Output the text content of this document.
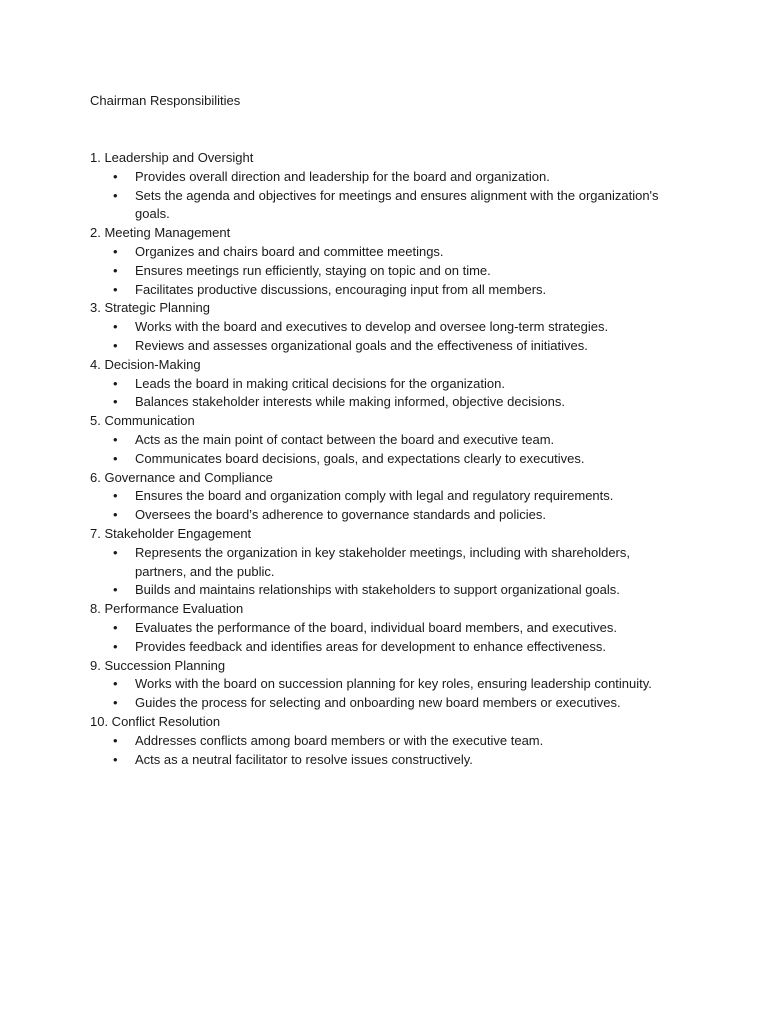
Chairman Responsibilities
1. Leadership and Oversight
• Provides overall direction and leadership for the board and organization.
• Sets the agenda and objectives for meetings and ensures alignment with the organization's goals.
2. Meeting Management
• Organizes and chairs board and committee meetings.
• Ensures meetings run efficiently, staying on topic and on time.
• Facilitates productive discussions, encouraging input from all members.
3. Strategic Planning
• Works with the board and executives to develop and oversee long-term strategies.
• Reviews and assesses organizational goals and the effectiveness of initiatives.
4. Decision-Making
• Leads the board in making critical decisions for the organization.
• Balances stakeholder interests while making informed, objective decisions.
5. Communication
• Acts as the main point of contact between the board and executive team.
• Communicates board decisions, goals, and expectations clearly to executives.
6. Governance and Compliance
• Ensures the board and organization comply with legal and regulatory requirements.
• Oversees the board’s adherence to governance standards and policies.
7. Stakeholder Engagement
• Represents the organization in key stakeholder meetings, including with shareholders, partners, and the public.
• Builds and maintains relationships with stakeholders to support organizational goals.
8. Performance Evaluation
• Evaluates the performance of the board, individual board members, and executives.
• Provides feedback and identifies areas for development to enhance effectiveness.
9. Succession Planning
• Works with the board on succession planning for key roles, ensuring leadership continuity.
• Guides the process for selecting and onboarding new board members or executives.
10. Conflict Resolution
• Addresses conflicts among board members or with the executive team.
• Acts as a neutral facilitator to resolve issues constructively.
